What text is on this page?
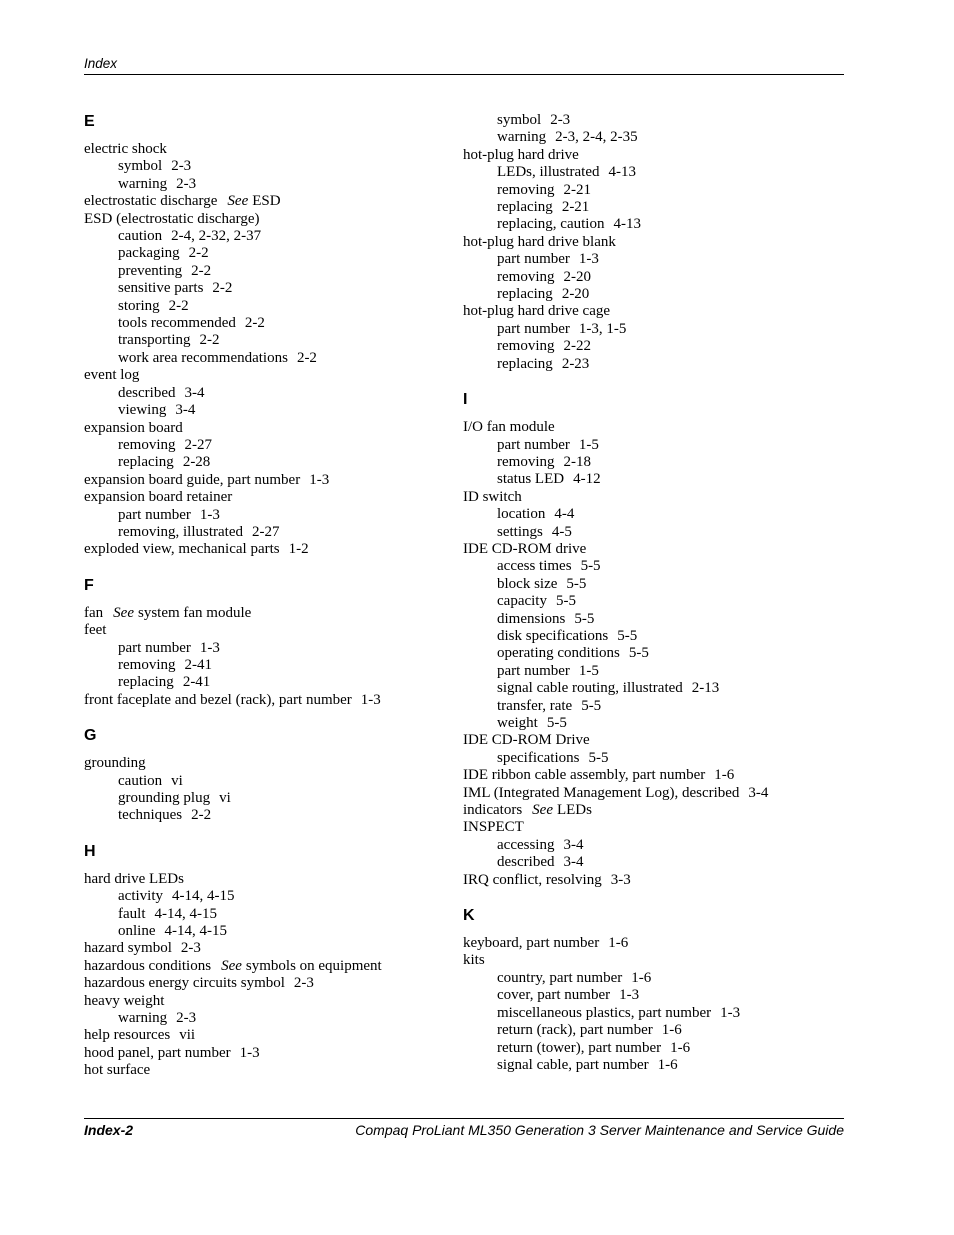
Index
E
electric shock
symbol 2-3
warning 2-3
electrostatic discharge See ESD
ESD (electrostatic discharge)
caution 2-4, 2-32, 2-37
packaging 2-2
preventing 2-2
sensitive parts 2-2
storing 2-2
tools recommended 2-2
transporting 2-2
work area recommendations 2-2
event log
described 3-4
viewing 3-4
expansion board
removing 2-27
replacing 2-28
expansion board guide, part number 1-3
expansion board retainer
part number 1-3
removing, illustrated 2-27
exploded view, mechanical parts 1-2
F
fan See system fan module
feet
part number 1-3
removing 2-41
replacing 2-41
front faceplate and bezel (rack), part number 1-3
G
grounding
caution vi
grounding plug vi
techniques 2-2
H
hard drive LEDs
activity 4-14, 4-15
fault 4-14, 4-15
online 4-14, 4-15
hazard symbol 2-3
hazardous conditions See symbols on equipment
hazardous energy circuits symbol 2-3
heavy weight
warning 2-3
help resources vii
hood panel, part number 1-3
hot surface
symbol 2-3
warning 2-3, 2-4, 2-35
hot-plug hard drive
LEDs, illustrated 4-13
removing 2-21
replacing 2-21
replacing, caution 4-13
hot-plug hard drive blank
part number 1-3
removing 2-20
replacing 2-20
hot-plug hard drive cage
part number 1-3, 1-5
removing 2-22
replacing 2-23
I
I/O fan module
part number 1-5
removing 2-18
status LED 4-12
ID switch
location 4-4
settings 4-5
IDE CD-ROM drive
access times 5-5
block size 5-5
capacity 5-5
dimensions 5-5
disk specifications 5-5
operating conditions 5-5
part number 1-5
signal cable routing, illustrated 2-13
transfer, rate 5-5
weight 5-5
IDE CD-ROM Drive
specifications 5-5
IDE ribbon cable assembly, part number 1-6
IML (Integrated Management Log), described 3-4
indicators See LEDs
INSPECT
accessing 3-4
described 3-4
IRQ conflict, resolving 3-3
K
keyboard, part number 1-6
kits
country, part number 1-6
cover, part number 1-3
miscellaneous plastics, part number 1-3
return (rack), part number 1-6
return (tower), part number 1-6
signal cable, part number 1-6
Index-2	Compaq ProLiant ML350 Generation 3 Server Maintenance and Service Guide
